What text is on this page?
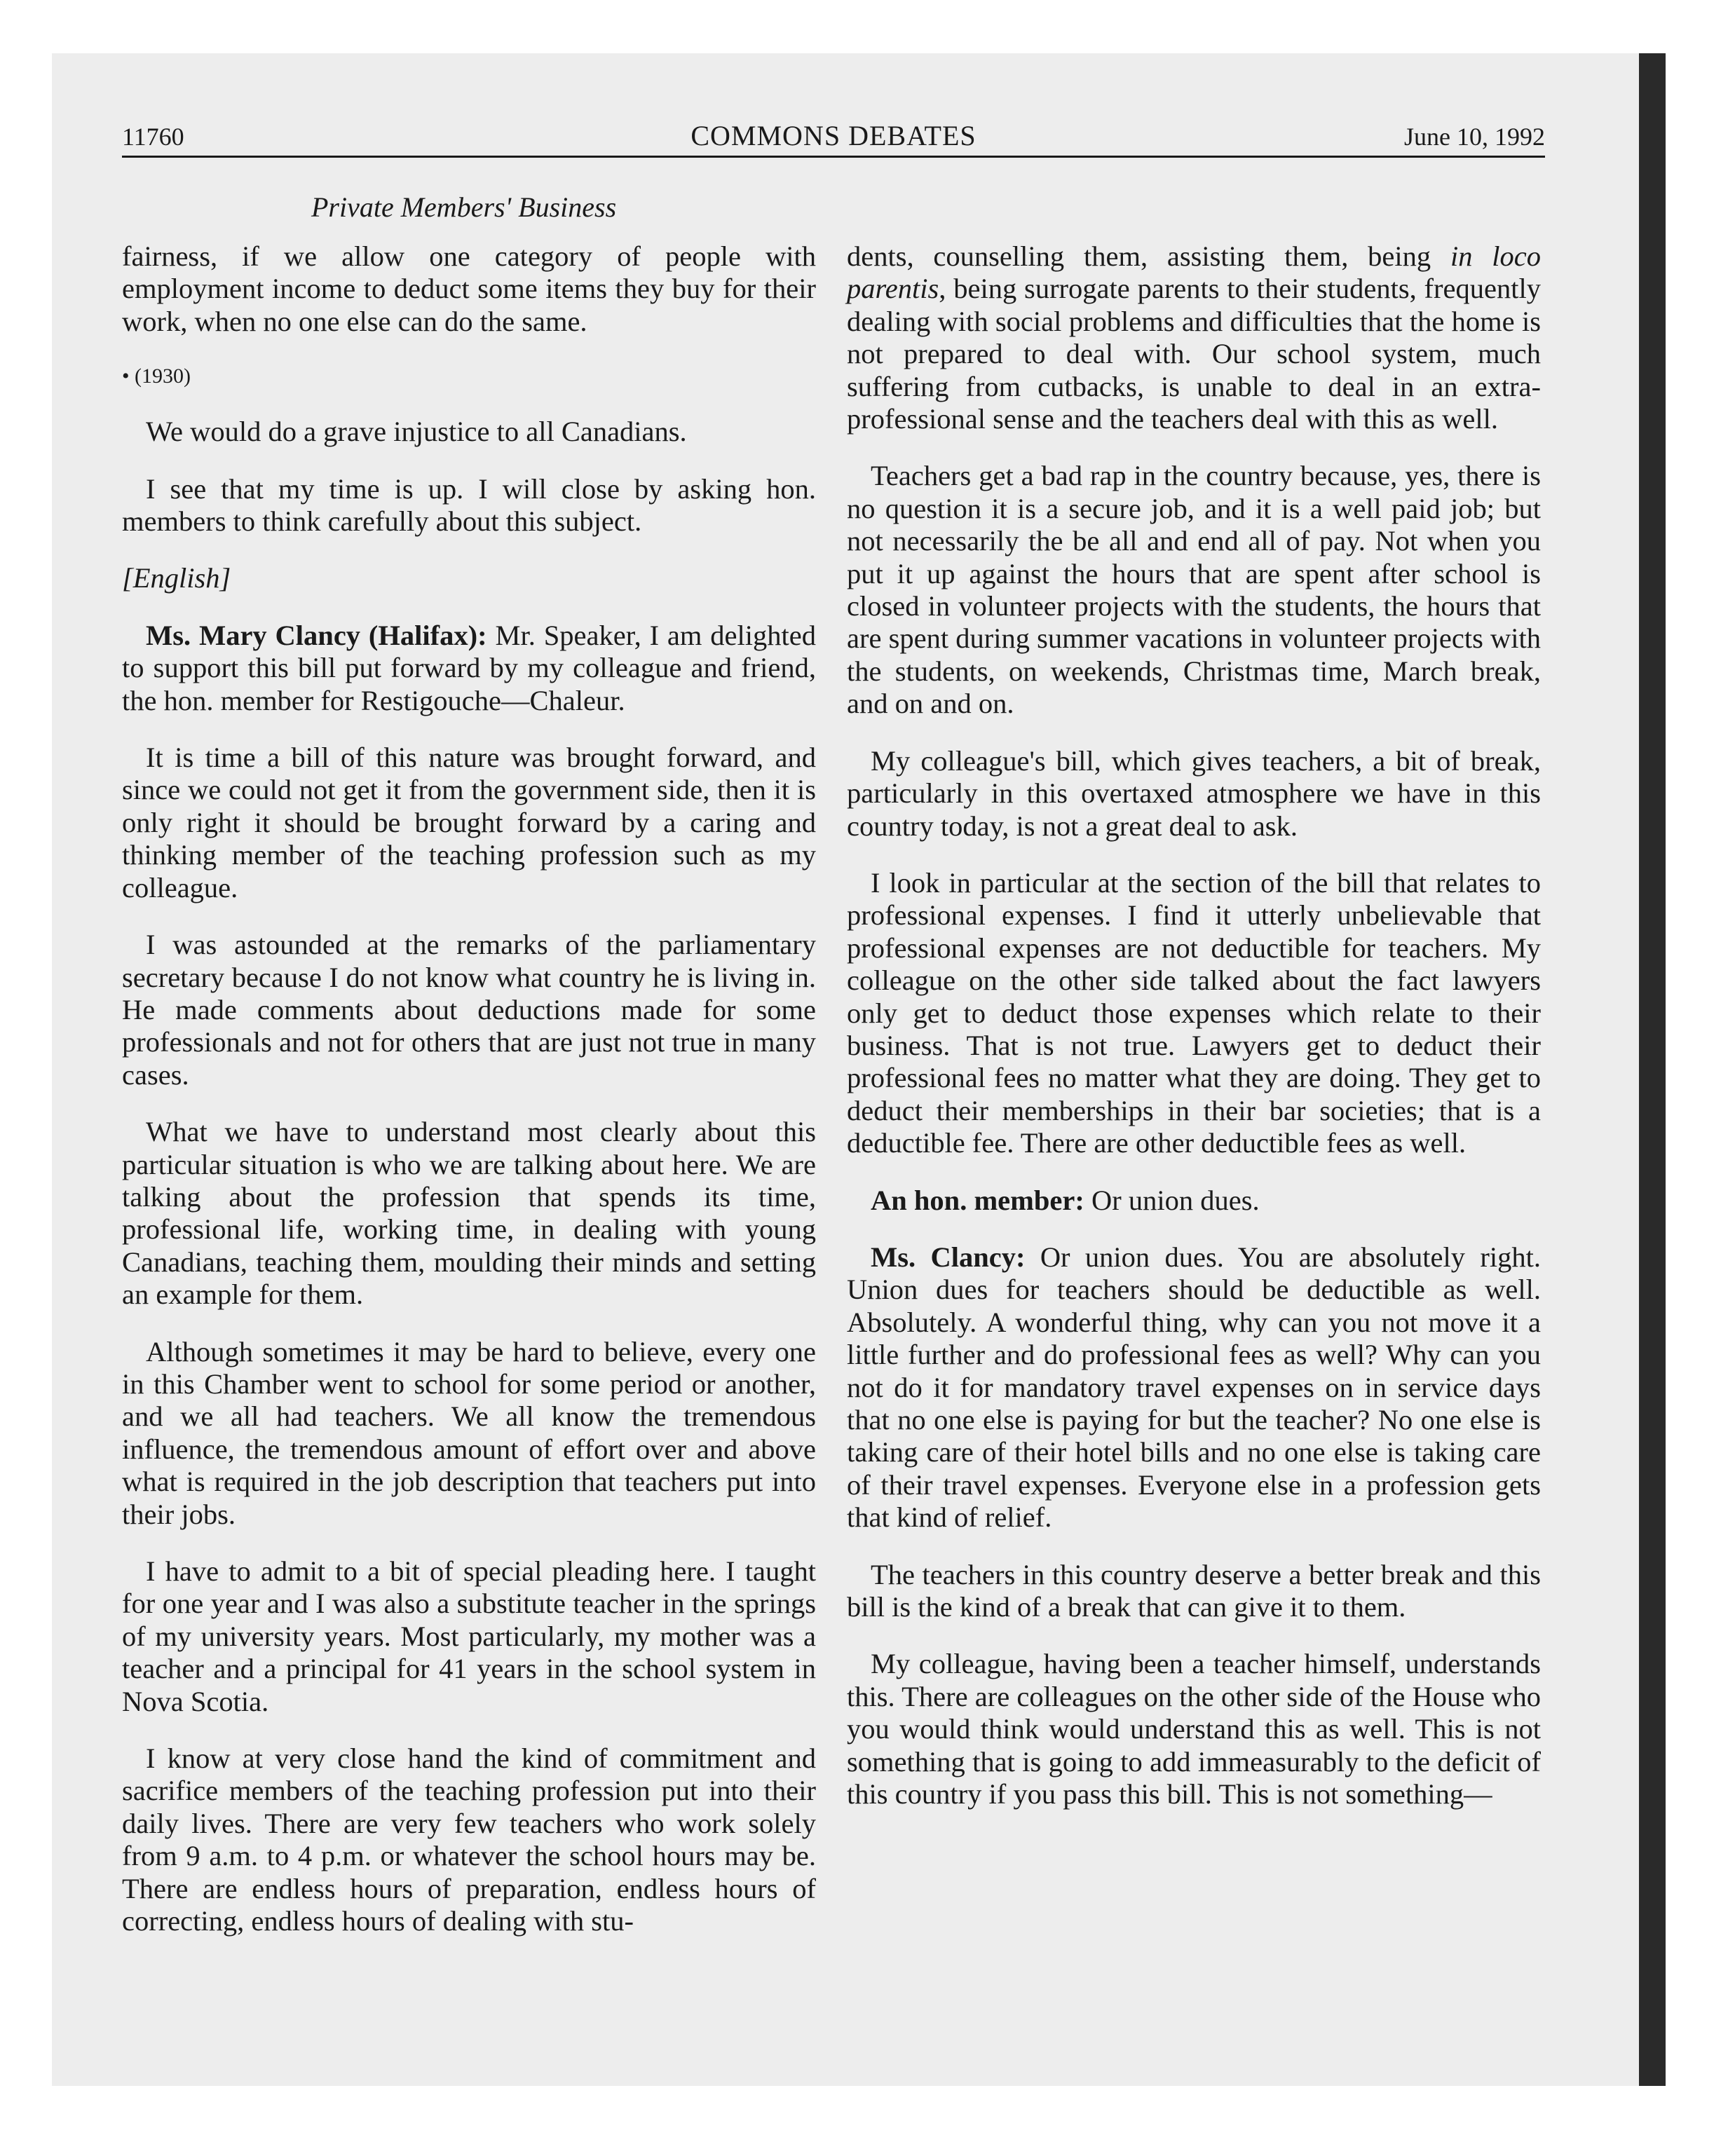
11760	COMMONS DEBATES	June 10, 1992
Private Members' Business

fairness, if we allow one category of people with employment income to deduct some items they buy for their work, when no one else can do the same.

• (1930)

We would do a grave injustice to all Canadians.

I see that my time is up. I will close by asking hon. members to think carefully about this subject.

[English]

Ms. Mary Clancy (Halifax): Mr. Speaker, I am delighted to support this bill put forward by my colleague and friend, the hon. member for Restigouche—Chaleur.

It is time a bill of this nature was brought forward, and since we could not get it from the government side, then it is only right it should be brought forward by a caring and thinking member of the teaching profession such as my colleague.

I was astounded at the remarks of the parliamentary secretary because I do not know what country he is living in. He made comments about deductions made for some professionals and not for others that are just not true in many cases.

What we have to understand most clearly about this particular situation is who we are talking about here. We are talking about the profession that spends its time, professional life, working time, in dealing with young Canadians, teaching them, moulding their minds and setting an example for them.

Although sometimes it may be hard to believe, every one in this Chamber went to school for some period or another, and we all had teachers. We all know the tremendous influence, the tremendous amount of effort over and above what is required in the job description that teachers put into their jobs.

I have to admit to a bit of special pleading here. I taught for one year and I was also a substitute teacher in the springs of my university years. Most particularly, my mother was a teacher and a principal for 41 years in the school system in Nova Scotia.

I know at very close hand the kind of commitment and sacrifice members of the teaching profession put into their daily lives. There are very few teachers who work solely from 9 a.m. to 4 p.m. or whatever the school hours may be. There are endless hours of preparation, endless hours of correcting, endless hours of dealing with stu-

dents, counselling them, assisting them, being in loco parentis, being surrogate parents to their students, frequently dealing with social problems and difficulties that the home is not prepared to deal with. Our school system, much suffering from cutbacks, is unable to deal in an extra-professional sense and the teachers deal with this as well.

Teachers get a bad rap in the country because, yes, there is no question it is a secure job, and it is a well paid job; but not necessarily the be all and end all of pay. Not when you put it up against the hours that are spent after school is closed in volunteer projects with the students, the hours that are spent during summer vacations in volunteer projects with the students, on weekends, Christmas time, March break, and on and on.

My colleague's bill, which gives teachers, a bit of break, particularly in this overtaxed atmosphere we have in this country today, is not a great deal to ask.

I look in particular at the section of the bill that relates to professional expenses. I find it utterly unbelievable that professional expenses are not deductible for teachers. My colleague on the other side talked about the fact lawyers only get to deduct those expenses which relate to their business. That is not true. Lawyers get to deduct their professional fees no matter what they are doing. They get to deduct their memberships in their bar societies; that is a deductible fee. There are other deductible fees as well.

An hon. member: Or union dues.

Ms. Clancy: Or union dues. You are absolutely right. Union dues for teachers should be deductible as well. Absolutely. A wonderful thing, why can you not move it a little further and do professional fees as well? Why can you not do it for mandatory travel expenses on in service days that no one else is paying for but the teacher? No one else is taking care of their hotel bills and no one else is taking care of their travel expenses. Everyone else in a profession gets that kind of relief.

The teachers in this country deserve a better break and this bill is the kind of a break that can give it to them.

My colleague, having been a teacher himself, understands this. There are colleagues on the other side of the House who you would think would understand this as well. This is not something that is going to add immeasurably to the deficit of this country if you pass this bill. This is not something—
